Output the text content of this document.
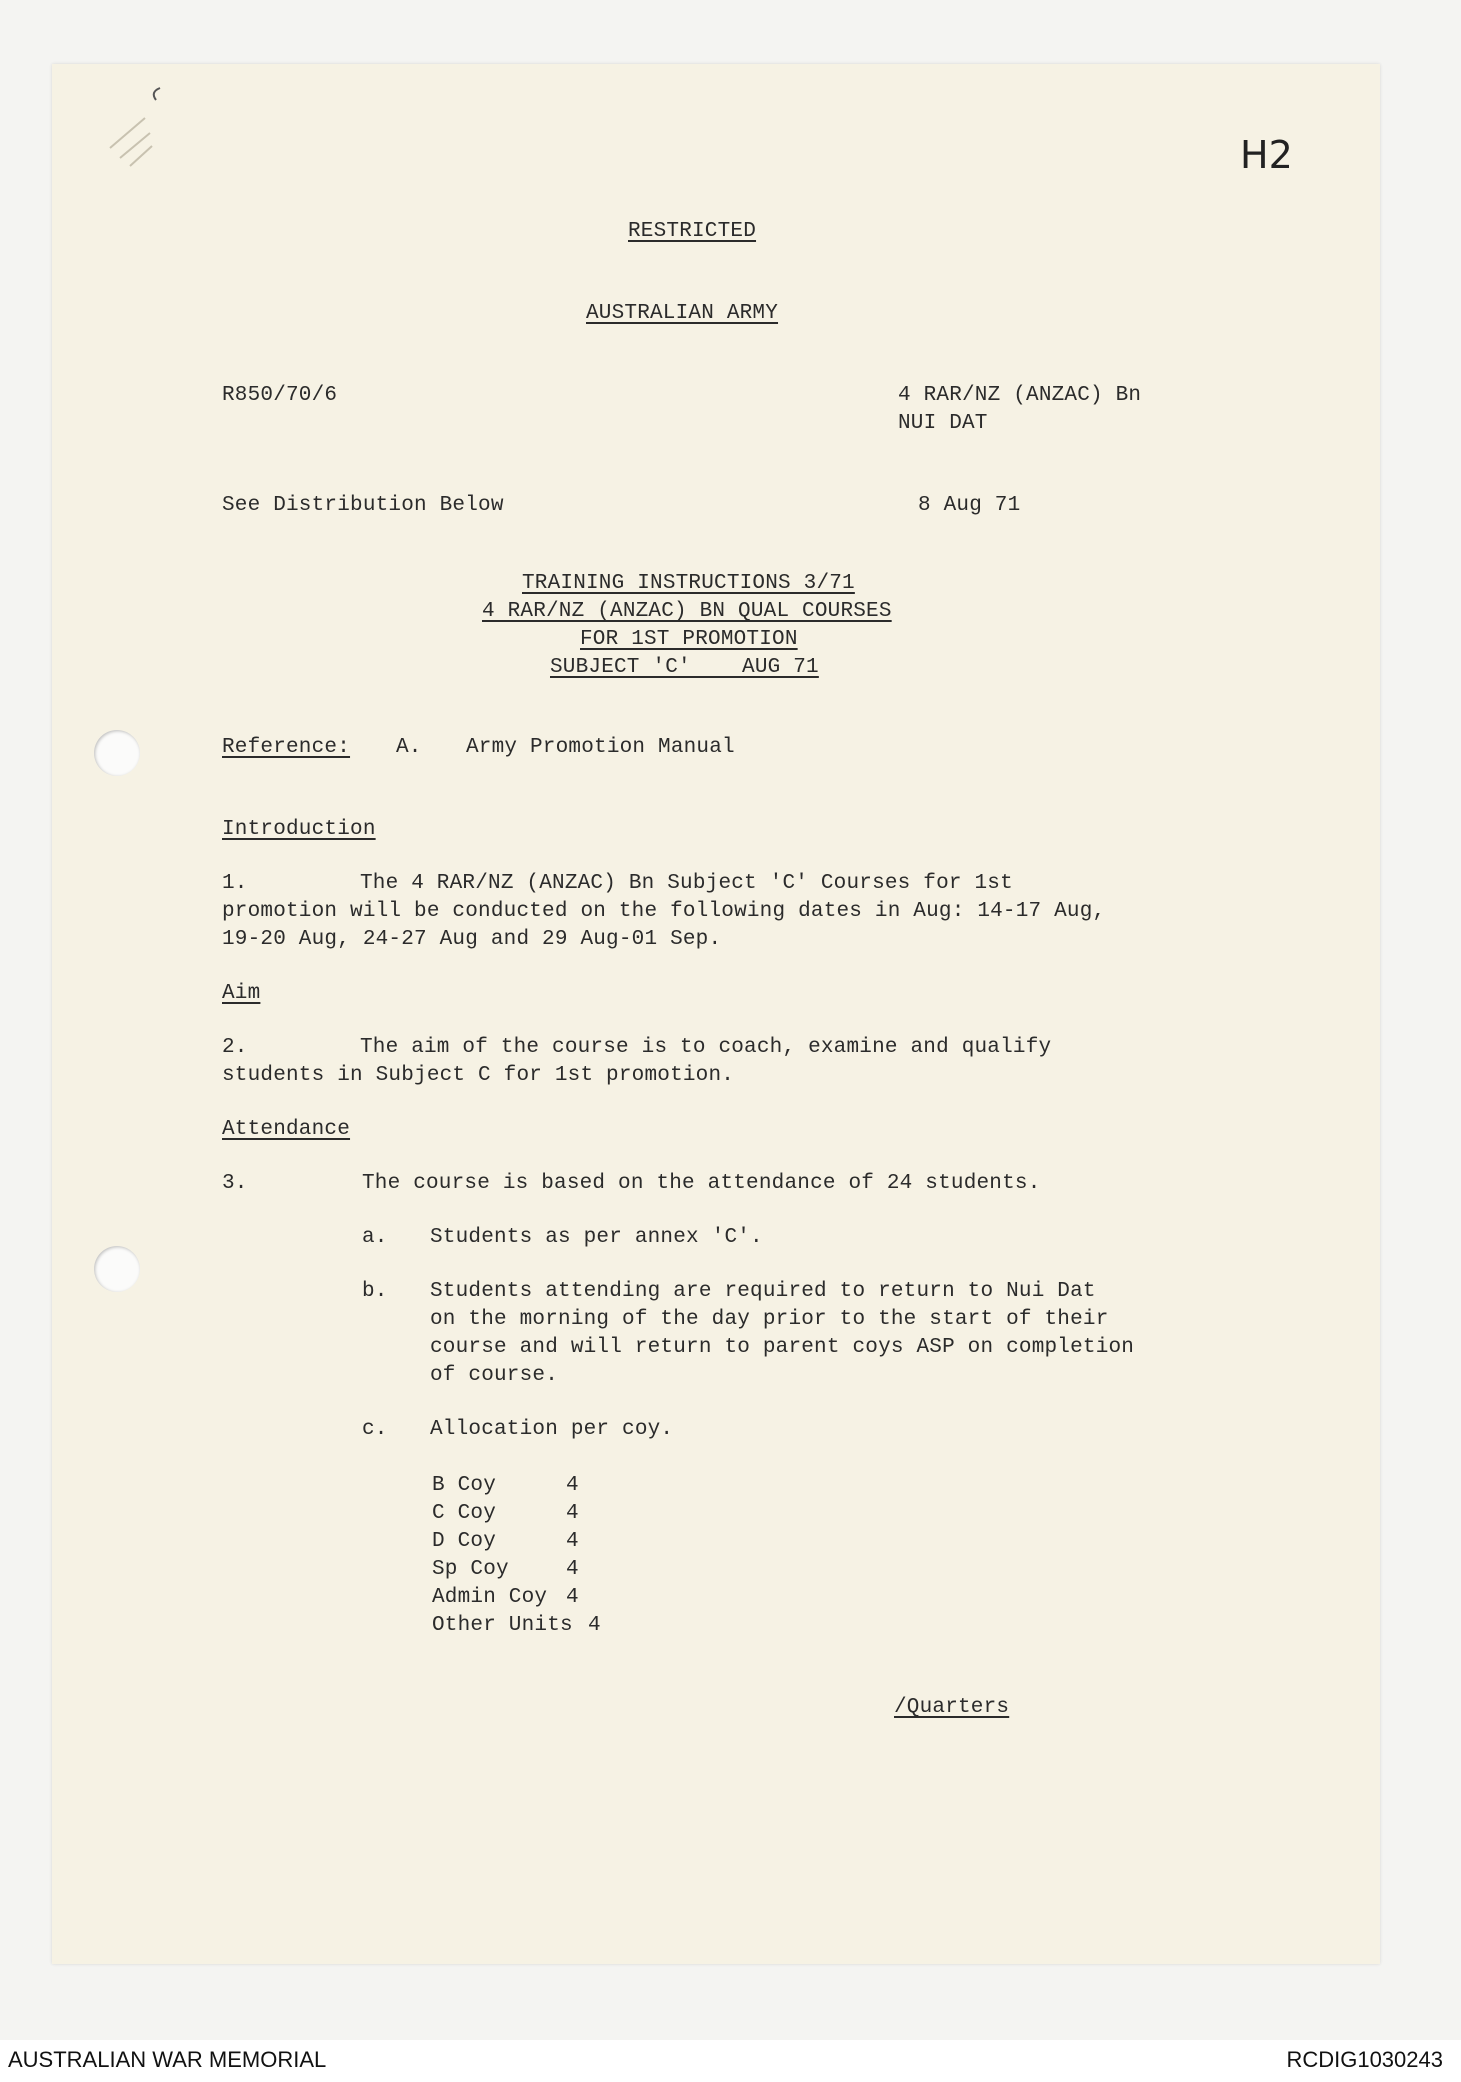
H2
RESTRICTED
AUSTRALIAN ARMY
R850/70/6	4 RAR/NZ (ANZAC) Bn
NUI DAT
See Distribution Below	8 Aug 71
TRAINING INSTRUCTIONS 3/71
4 RAR/NZ (ANZAC) BN QUAL COURSES
FOR 1ST PROMOTION
SUBJECT 'C'    AUG 71
Reference: A. Army Promotion Manual
Introduction
1.	The 4 RAR/NZ (ANZAC) Bn Subject 'C' Courses for 1st
promotion will be conducted on the following dates in Aug: 14-17 Aug,
19-20 Aug, 24-27 Aug and 29 Aug-01 Sep.
Aim
2.	The aim of the course is to coach, examine and qualify
students in Subject C for 1st promotion.
Attendance
3.	The course is based on the attendance of 24 students.
a. Students as per annex 'C'.
b. Students attending are required to return to Nui Dat
on the morning of the day prior to the start of their
course and will return to parent coys ASP on completion
of course.
c. Allocation per coy.
B Coy	4
C Coy	4
D Coy	4
Sp Coy	4
Admin Coy 4
Other Units 4
/Quarters
AUSTRALIAN WAR MEMORIAL	RCDIG1030243
